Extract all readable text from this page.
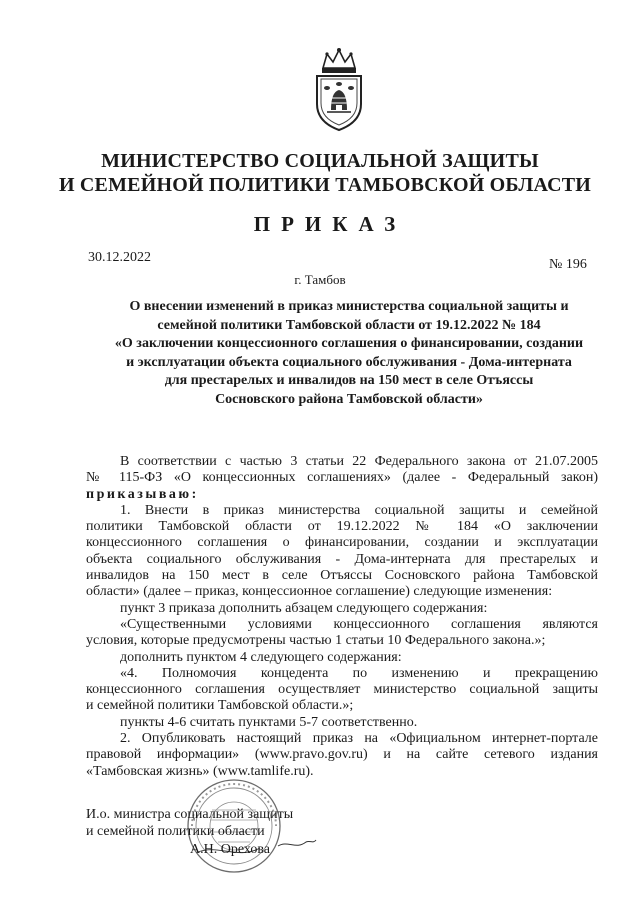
МИНИСТЕРСТВО СОЦИАЛЬНОЙ ЗАЩИТЫ
И СЕМЕЙНОЙ ПОЛИТИКИ ТАМБОВСКОЙ ОБЛАСТИ
ПРИКАЗ
30.12.2022	№ 196
г. Тамбов
О внесении изменений в приказ министерства социальной защиты и
семейной политики Тамбовской области от 19.12.2022 № 184
«О заключении концессионного соглашения о финансировании, создании
и эксплуатации объекта социального обслуживания - Дома-интерната
для престарелых и инвалидов на 150 мест в селе Отъяссы
Сосновского района Тамбовской области»
В соответствии с частью 3 статьи 22 Федерального закона от 21.07.2005
№ 115-ФЗ «О концессионных соглашениях» (далее - Федеральный закон)
приказываю:
1. Внести в приказ министерства социальной защиты и семейной
политики Тамбовской области от 19.12.2022 № 184 «О заключении
концессионного соглашения о финансировании, создании и эксплуатации
объекта социального обслуживания - Дома-интерната для престарелых и
инвалидов на 150 мест в селе Отъяссы Сосновского района Тамбовской
области» (далее – приказ, концессионное соглашение) следующие изменения:
пункт 3 приказа дополнить абзацем следующего содержания:
«Существенными условиями концессионного соглашения являются
условия, которые предусмотрены частью 1 статьи 10 Федерального закона.»;
дополнить пунктом 4 следующего содержания:
«4. Полномочия концедента по изменению и прекращению
концессионного соглашения осуществляет министерство социальной защиты
и семейной политики Тамбовской области.»;
пункты 4-6 считать пунктами 5-7 соответственно.
2. Опубликовать настоящий приказ на «Официальном интернет-портале
правовой информации» (www.pravo.gov.ru) и на сайте сетевого издания
«Тамбовская жизнь» (www.tamlife.ru).
И.о. министра социальной защиты
и семейной политики области
А.Н. Орехова
